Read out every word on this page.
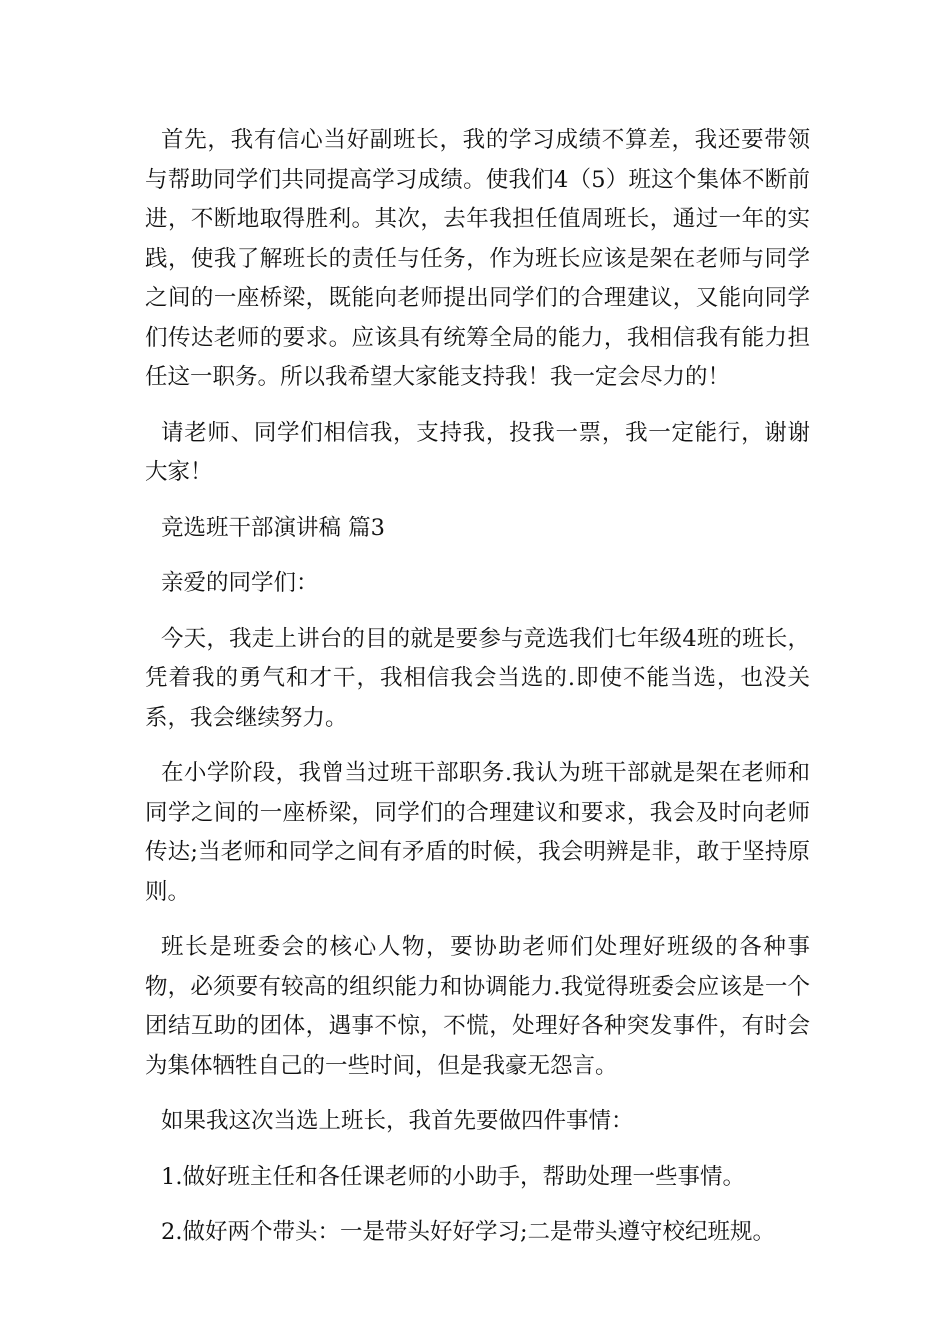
首先，我有信心当好副班长，我的学习成绩不算差，我还要带领与帮助同学们共同提高学习成绩。使我们4（5）班这个集体不断前进，不断地取得胜利。其次，去年我担任值周班长，通过一年的实践，使我了解班长的责任与任务，作为班长应该是架在老师与同学之间的一座桥梁，既能向老师提出同学们的合理建议，又能向同学们传达老师的要求。应该具有统筹全局的能力，我相信我有能力担任这一职务。所以我希望大家能支持我！我一定会尽力的！

请老师、同学们相信我，支持我，投我一票，我一定能行，谢谢大家！

竞选班干部演讲稿 篇3

亲爱的同学们：

今天，我走上讲台的目的就是要参与竞选我们七年级4班的班长，凭着我的勇气和才干，我相信我会当选的.即使不能当选，也没关系，我会继续努力。

在小学阶段，我曾当过班干部职务.我认为班干部就是架在老师和同学之间的一座桥梁，同学们的合理建议和要求，我会及时向老师传达;当老师和同学之间有矛盾的时候，我会明辨是非，敢于坚持原则。

班长是班委会的核心人物，要协助老师们处理好班级的各种事物，必须要有较高的组织能力和协调能力.我觉得班委会应该是一个团结互助的团体，遇事不惊，不慌，处理好各种突发事件，有时会为集体牺牲自己的一些时间，但是我豪无怨言。

如果我这次当选上班长，我首先要做四件事情：

1.做好班主任和各任课老师的小助手，帮助处理一些事情。

2.做好两个带头：一是带头好好学习;二是带头遵守校纪班规。
